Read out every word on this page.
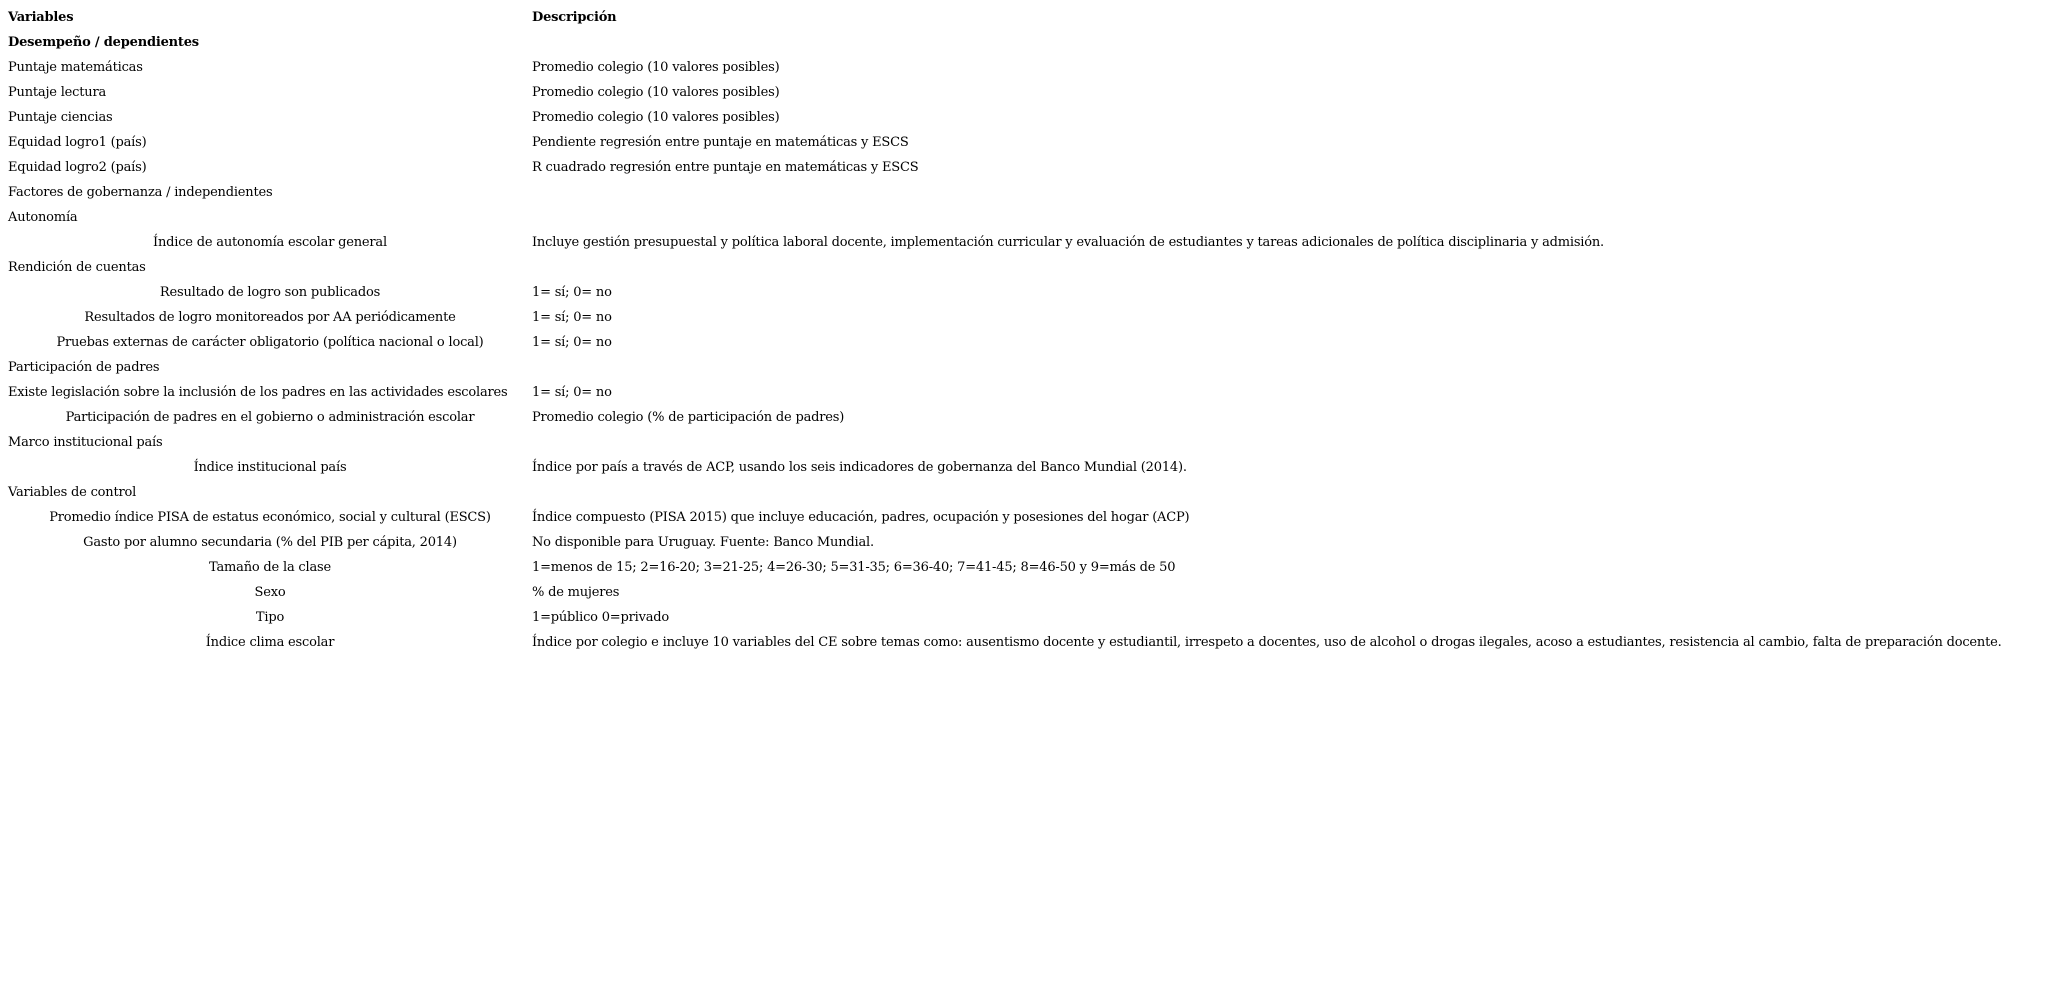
Variables	Descripción
Desempeño / dependientes	
Puntaje matemáticas	Promedio colegio (10 valores posibles)
Puntaje lectura	Promedio colegio (10 valores posibles)
Puntaje ciencias	Promedio colegio (10 valores posibles)
Equidad logro1 (país)	Pendiente regresión entre puntaje en matemáticas y ESCS
Equidad logro2 (país)	R cuadrado regresión entre puntaje en matemáticas y ESCS
Factores de gobernanza / independientes	
Autonomía	
Índice de autonomía escolar general	Incluye gestión presupuestal y política laboral docente, implementación curricular y evaluación de estudiantes y tareas adicionales de política disciplinaria y admisión.
Rendición de cuentas	
Resultado de logro son publicados	1= sí; 0= no
Resultados de logro monitoreados por AA periódicamente	1= sí; 0= no
Pruebas externas de carácter obligatorio (política nacional o local)	1= sí; 0= no
Participación de padres	
Existe legislación sobre la inclusión de los padres en las actividades escolares	1= sí; 0= no
Participación de padres en el gobierno o administración escolar	Promedio colegio (% de participación de padres)
Marco institucional país	
Índice institucional país	Índice por país a través de ACP, usando los seis indicadores de gobernanza del Banco Mundial (2014).
Variables de control	
Promedio índice PISA de estatus económico, social y cultural (ESCS)	Índice compuesto (PISA 2015) que incluye educación, padres, ocupación y posesiones del hogar (ACP)
Gasto por alumno secundaria (% del PIB per cápita, 2014)	No disponible para Uruguay. Fuente: Banco Mundial.
Tamaño de la clase	1=menos de 15; 2=16-20; 3=21-25; 4=26-30; 5=31-35; 6=36-40; 7=41-45; 8=46-50 y 9=más de 50
Sexo	% de mujeres
Tipo	1=público 0=privado
Índice clima escolar	Índice por colegio e incluye 10 variables del CE sobre temas como: ausentismo docente y estudiantil, irrespeto a docentes, uso de alcohol o drogas ilegales, acoso a estudiantes, resistencia al cambio, falta de preparación docente.
